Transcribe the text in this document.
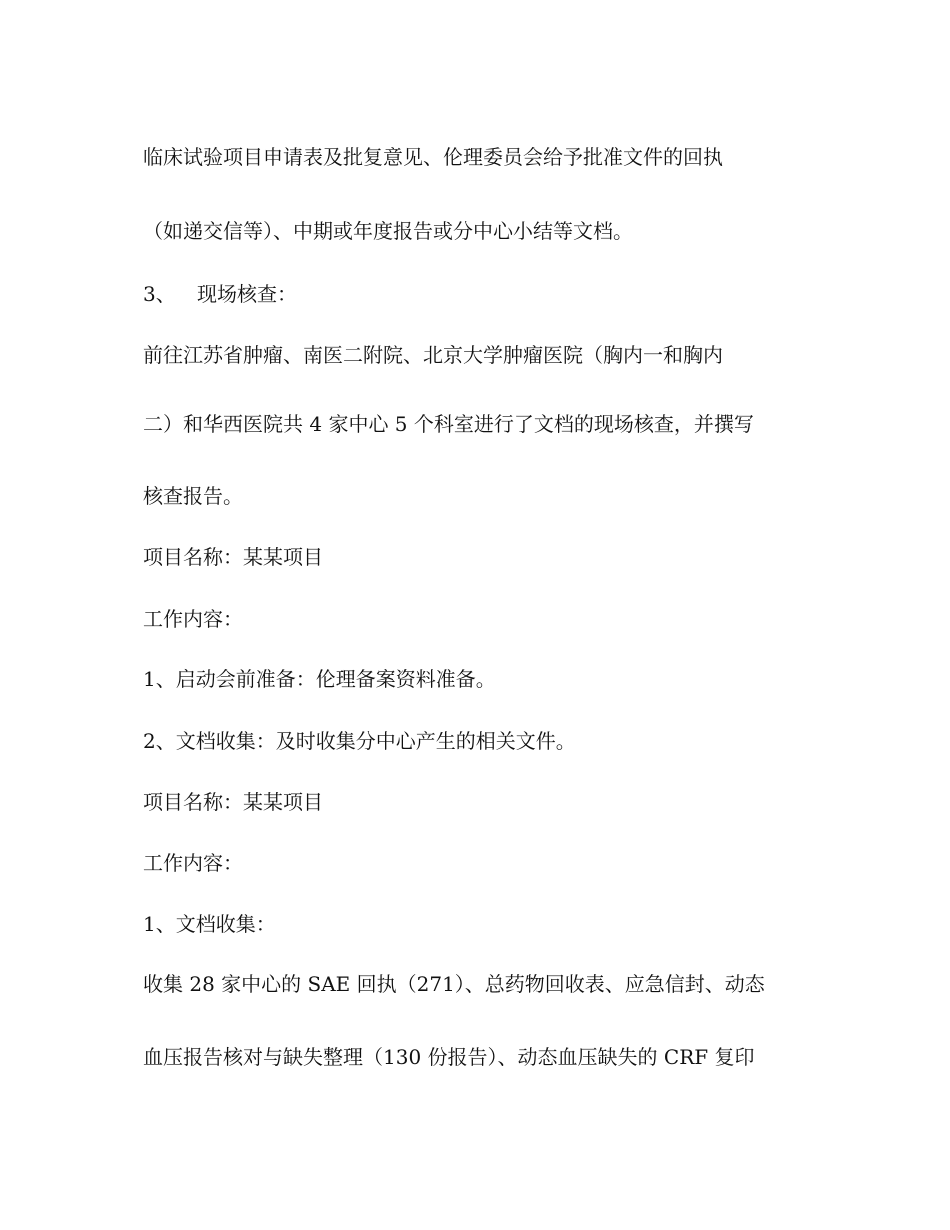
临床试验项目申请表及批复意见、伦理委员会给予批准文件的回执
（如递交信等）、中期或年度报告或分中心小结等文档。
3、 现场核查：
前往江苏省肿瘤、南医二附院、北京大学肿瘤医院（胸内一和胸内
二）和华西医院共 4 家中心 5 个科室进行了文档的现场核查，并撰写
核查报告。
项目名称：某某项目
工作内容：
1、启动会前准备：伦理备案资料准备。
2、文档收集：及时收集分中心产生的相关文件。
项目名称：某某项目
工作内容：
1、文档收集：
收集 28 家中心的 SAE 回执（271）、总药物回收表、应急信封、动态
血压报告核对与缺失整理（130 份报告）、动态血压缺失的 CRF 复印
